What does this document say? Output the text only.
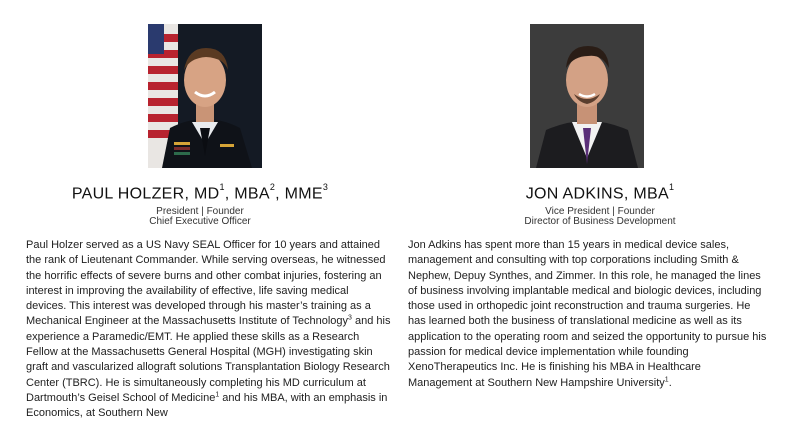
PAUL HOLZER, $MD^1$, MBA$^2$, MME$^3$
President | Founder
Chief Executive Officer
Paul Holzer served as a US Navy SEAL Officer for 10 years and attained the rank of Lieutenant Commander. While serving overseas, he witnessed the horrific effects of severe burns and other combat injuries, fostering an interest in improving the availability of effective, life saving medical devices. This interest was developed through his master’s training as a Mechanical Engineer at the Massachusetts Institute of Technology$^3$ and his experience a Paramedic/EMT. He applied these skills as a Research Fellow at the Massachusetts General Hospital (MGH) investigating skin graft and vascularized allograft solutions Transplantation Biology Research Center (TBRC). He is simultaneously completing his MD curriculum at Dartmouth’s Geisel School of Medicine$^1$ and his MBA, with an emphasis in Economics, at Southern New
JON ADKINS, MBA$^1$
Vice President | Founder
Director of Business Development
Jon Adkins has spent more than 15 years in medical device sales, management and consulting with top corporations including Smith & Nephew, Depuy Synthes, and Zimmer. In this role, he managed the lines of business involving implantable medical and biologic devices, including those used in orthopedic joint reconstruction and trauma surgeries. He has learned both the business of translational medicine as well as its application to the operating room and seized the opportunity to pursue his passion for medical device implementation while founding XenoTherapeutics Inc. He is finishing his MBA in Healthcare Management at Southern New Hampshire University$^1$.
